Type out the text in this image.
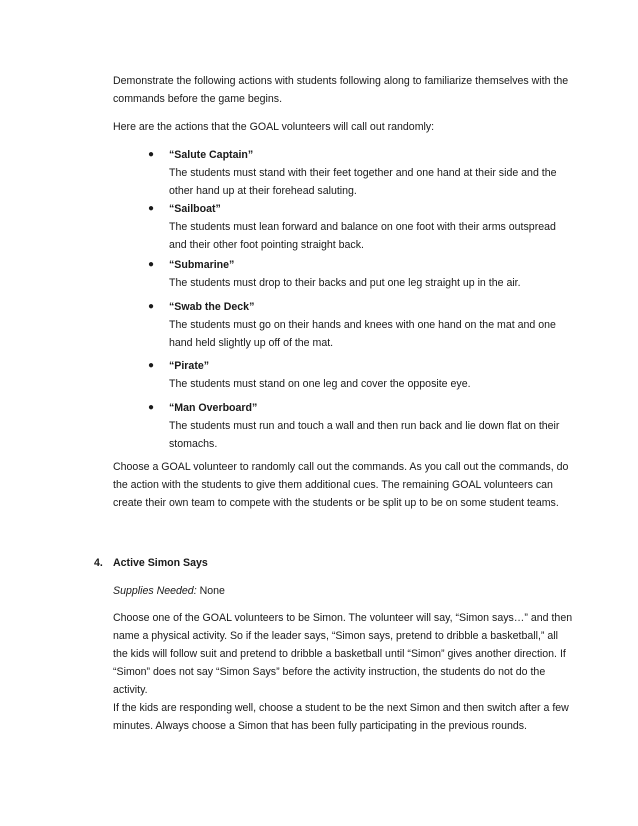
Demonstrate the following actions with students following along to familiarize themselves with the commands before the game begins.

Here are the actions that the GOAL volunteers will call out randomly:

● “Salute Captain”
The students must stand with their feet together and one hand at their side and the other hand up at their forehead saluting.
● “Sailboat”
The students must lean forward and balance on one foot with their arms outspread and their other foot pointing straight back.
● “Submarine”
The students must drop to their backs and put one leg straight up in the air.
● “Swab the Deck”
The students must go on their hands and knees with one hand on the mat and one hand held slightly up off of the mat.
● “Pirate”
The students must stand on one leg and cover the opposite eye.
● “Man Overboard”
The students must run and touch a wall and then run back and lie down flat on their stomachs.

Choose a GOAL volunteer to randomly call out the commands. As you call out the commands, do the action with the students to give them additional cues. The remaining GOAL volunteers can create their own team to compete with the students or be split up to be on some student teams.

4. Active Simon Says
Supplies Needed: None

Choose one of the GOAL volunteers to be Simon. The volunteer will say, “Simon says…” and then name a physical activity. So if the leader says, “Simon says, pretend to dribble a basketball,” all the kids will follow suit and pretend to dribble a basketball until “Simon” gives another direction. If “Simon” does not say “Simon Says” before the activity instruction, the students do not do the activity.

If the kids are responding well, choose a student to be the next Simon and then switch after a few minutes. Always choose a Simon that has been fully participating in the previous rounds.
